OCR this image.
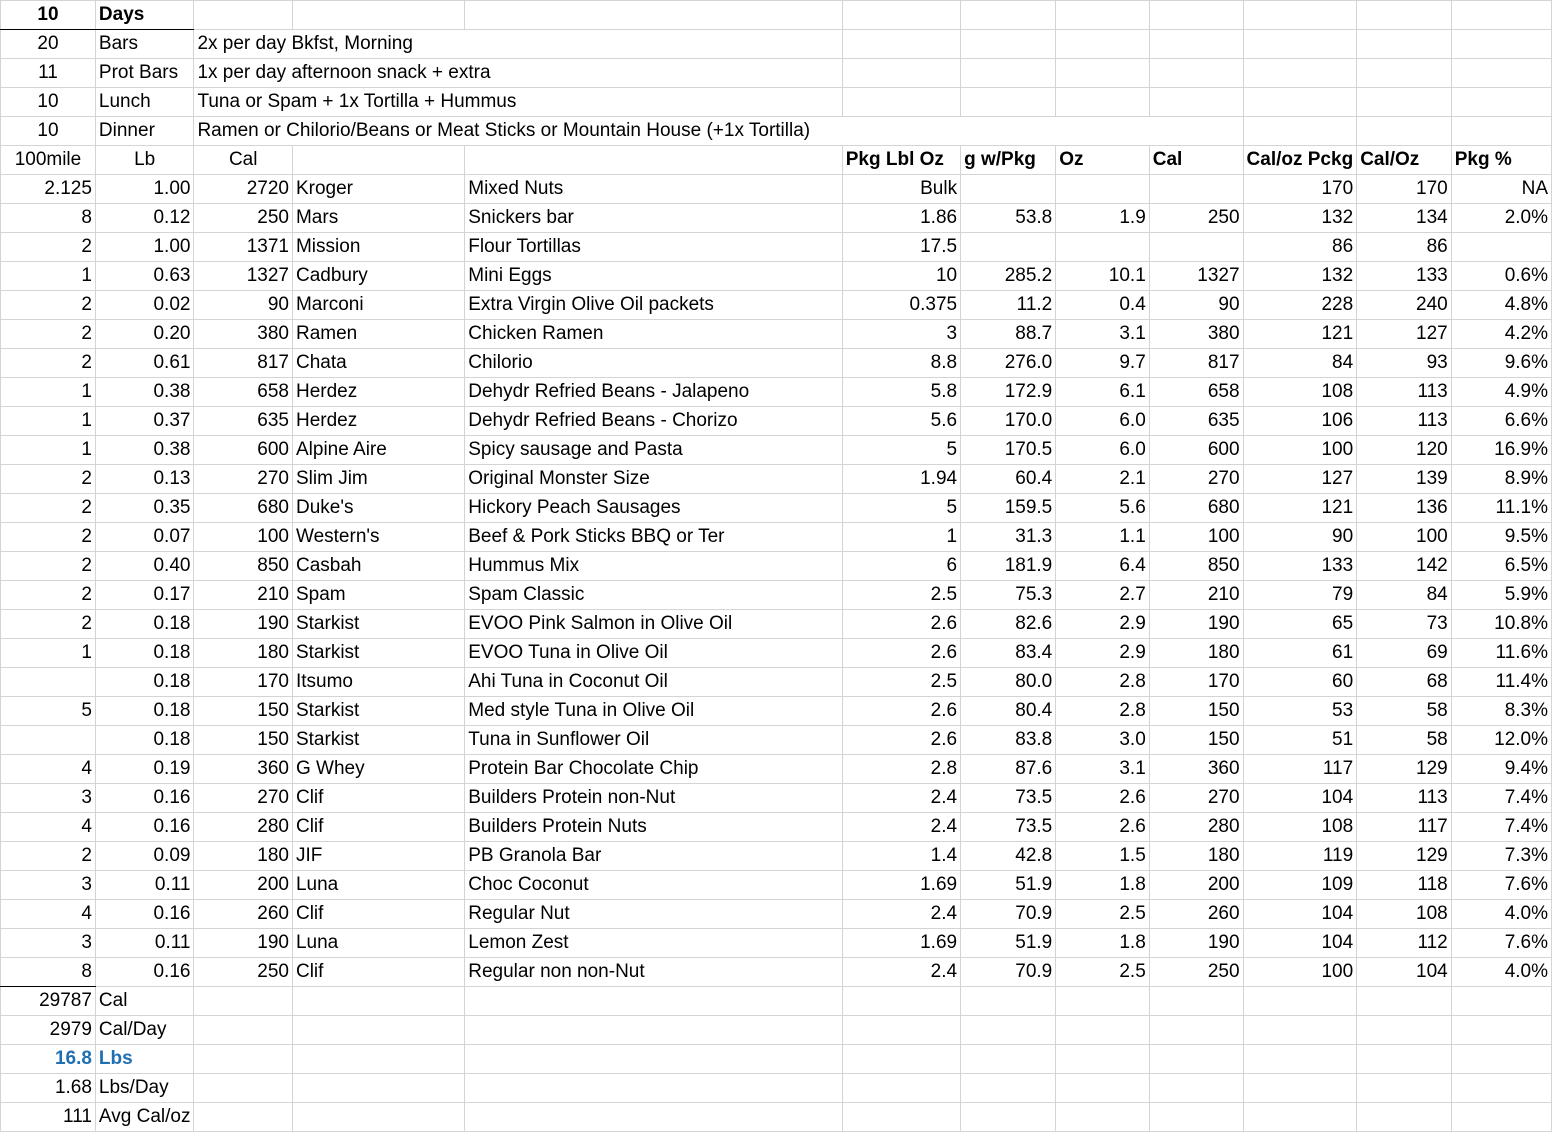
10	Days										
20	Bars	2x per day Bkfst, Morning									
11	Prot Bars	1x per day afternoon snack + extra									
10	Lunch	Tuna or Spam + 1x Tortilla + Hummus									
10	Dinner	Ramen or Chilorio/Beans or Meat Sticks or Mountain House (+1x Tortilla)									
100mile	Lb	Cal			Pkg Lbl Oz	g w/Pkg	Oz	Cal	Cal/oz Pckg	Cal/Oz	Pkg %
2.125	1.00	2720	Kroger	Mixed Nuts	Bulk				170	170	NA
8	0.12	250	Mars	Snickers bar	1.86	53.8	1.9	250	132	134	2.0%
2	1.00	1371	Mission	Flour Tortillas	17.5				86	86	
1	0.63	1327	Cadbury	Mini Eggs	10	285.2	10.1	1327	132	133	0.6%
2	0.02	90	Marconi	Extra Virgin Olive Oil packets	0.375	11.2	0.4	90	228	240	4.8%
2	0.20	380	Ramen	Chicken Ramen	3	88.7	3.1	380	121	127	4.2%
2	0.61	817	Chata	Chilorio	8.8	276.0	9.7	817	84	93	9.6%
1	0.38	658	Herdez	Dehydr Refried Beans - Jalapeno	5.8	172.9	6.1	658	108	113	4.9%
1	0.37	635	Herdez	Dehydr Refried Beans - Chorizo	5.6	170.0	6.0	635	106	113	6.6%
1	0.38	600	Alpine Aire	Spicy sausage and Pasta	5	170.5	6.0	600	100	120	16.9%
2	0.13	270	Slim Jim	Original Monster Size	1.94	60.4	2.1	270	127	139	8.9%
2	0.35	680	Duke's	Hickory Peach Sausages	5	159.5	5.6	680	121	136	11.1%
2	0.07	100	Western's	Beef & Pork Sticks BBQ or Ter	1	31.3	1.1	100	90	100	9.5%
2	0.40	850	Casbah	Hummus Mix	6	181.9	6.4	850	133	142	6.5%
2	0.17	210	Spam	Spam Classic	2.5	75.3	2.7	210	79	84	5.9%
2	0.18	190	Starkist	EVOO Pink Salmon in Olive Oil	2.6	82.6	2.9	190	65	73	10.8%
1	0.18	180	Starkist	EVOO Tuna in Olive Oil	2.6	83.4	2.9	180	61	69	11.6%
	0.18	170	Itsumo	Ahi Tuna in Coconut Oil	2.5	80.0	2.8	170	60	68	11.4%
5	0.18	150	Starkist	Med style Tuna in Olive Oil	2.6	80.4	2.8	150	53	58	8.3%
	0.18	150	Starkist	Tuna in Sunflower Oil	2.6	83.8	3.0	150	51	58	12.0%
4	0.19	360	G Whey	Protein Bar Chocolate Chip	2.8	87.6	3.1	360	117	129	9.4%
3	0.16	270	Clif	Builders Protein non-Nut	2.4	73.5	2.6	270	104	113	7.4%
4	0.16	280	Clif	Builders Protein Nuts	2.4	73.5	2.6	280	108	117	7.4%
2	0.09	180	JIF	PB Granola Bar	1.4	42.8	1.5	180	119	129	7.3%
3	0.11	200	Luna	Choc Coconut	1.69	51.9	1.8	200	109	118	7.6%
4	0.16	260	Clif	Regular Nut	2.4	70.9	2.5	260	104	108	4.0%
3	0.11	190	Luna	Lemon Zest	1.69	51.9	1.8	190	104	112	7.6%
8	0.16	250	Clif	Regular non non-Nut	2.4	70.9	2.5	250	100	104	4.0%
29787	Cal										
2979	Cal/Day										
16.8	Lbs										
1.68	Lbs/Day										
111	Avg Cal/oz										
